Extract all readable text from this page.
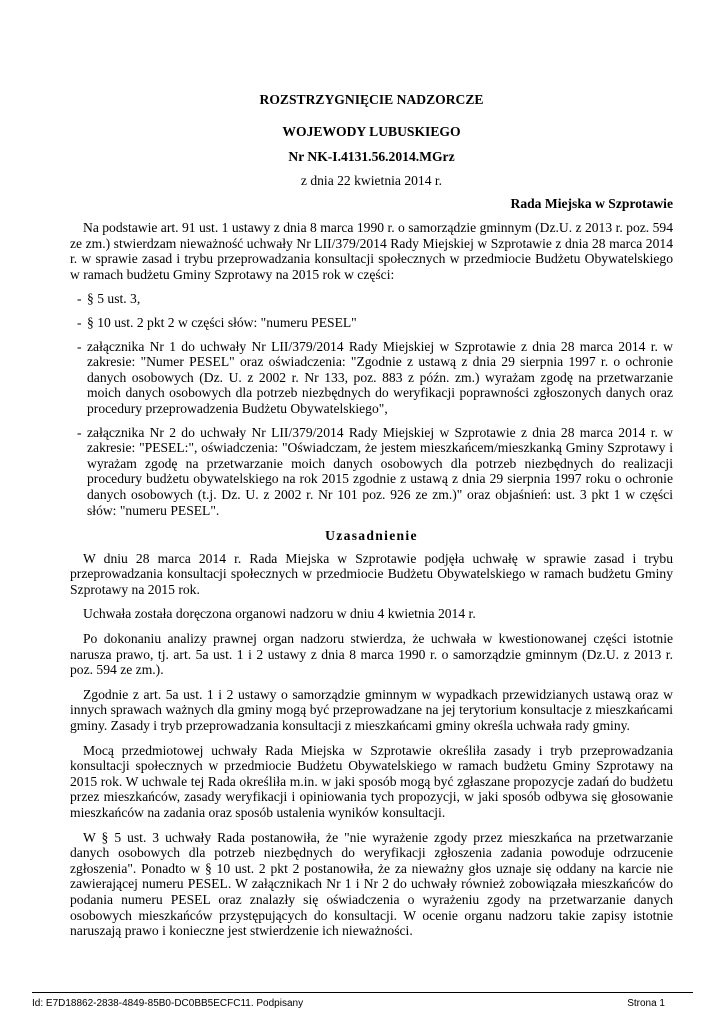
ROZSTRZYGNIĘCIE NADZORCZE
WOJEWODY LUBUSKIEGO
Nr NK-I.4131.56.2014.MGrz
z dnia 22 kwietnia 2014 r.
Rada Miejska w Szprotawie

Na podstawie art. 91 ust. 1 ustawy z dnia 8 marca 1990 r. o samorządzie gminnym (Dz.U. z 2013 r. poz. 594 ze zm.) stwierdzam nieważność uchwały Nr LII/379/2014 Rady Miejskiej w Szprotawie z dnia 28 marca 2014 r. w sprawie zasad i trybu przeprowadzania konsultacji społecznych w przedmiocie Budżetu Obywatelskiego w ramach budżetu Gminy Szprotawy na 2015 rok w części:

- § 5 ust. 3,
- § 10 ust. 2 pkt 2 w części słów: "numeru PESEL"
- załącznika Nr 1 do uchwały Nr LII/379/2014 Rady Miejskiej w Szprotawie z dnia 28 marca 2014 r. w zakresie: "Numer PESEL" oraz oświadczenia: "Zgodnie z ustawą z dnia 29 sierpnia 1997 r. o ochronie danych osobowych (Dz. U. z 2002 r. Nr 133, poz. 883 z późn. zm.) wyrażam zgodę na przetwarzanie moich danych osobowych dla potrzeb niezbędnych do weryfikacji poprawności zgłoszonych danych oraz procedury przeprowadzenia Budżetu Obywatelskiego",
- załącznika Nr 2 do uchwały Nr LII/379/2014 Rady Miejskiej w Szprotawie z dnia 28 marca 2014 r. w zakresie: "PESEL:", oświadczenia: "Oświadczam, że jestem mieszkańcem/mieszkanką Gminy Szprotawy i wyrażam zgodę na przetwarzanie moich danych osobowych dla potrzeb niezbędnych do realizacji procedury budżetu obywatelskiego na rok 2015 zgodnie z ustawą z dnia 29 sierpnia 1997 roku o ochronie danych osobowych (t.j. Dz. U. z 2002 r. Nr 101 poz. 926 ze zm.)" oraz objaśnień: ust. 3 pkt 1 w części słów: "numeru PESEL".
Uzasadnienie

W dniu 28 marca 2014 r. Rada Miejska w Szprotawie podjęła uchwałę w sprawie zasad i trybu przeprowadzania konsultacji społecznych w przedmiocie Budżetu Obywatelskiego w ramach budżetu Gminy Szprotawy na 2015 rok.

Uchwała została doręczona organowi nadzoru w dniu 4 kwietnia 2014 r.

Po dokonaniu analizy prawnej organ nadzoru stwierdza, że uchwała w kwestionowanej części istotnie narusza prawo, tj. art. 5a ust. 1 i 2 ustawy z dnia 8 marca 1990 r. o samorządzie gminnym (Dz.U. z 2013 r. poz. 594 ze zm.).

Zgodnie z art. 5a ust. 1 i 2 ustawy o samorządzie gminnym w wypadkach przewidzianych ustawą oraz w innych sprawach ważnych dla gminy mogą być przeprowadzane na jej terytorium konsultacje z mieszkańcami gminy. Zasady i tryb przeprowadzania konsultacji z mieszkańcami gminy określa uchwała rady gminy.

Mocą przedmiotowej uchwały Rada Miejska w Szprotawie określiła zasady i tryb przeprowadzania konsultacji społecznych w przedmiocie Budżetu Obywatelskiego w ramach budżetu Gminy Szprotawy na 2015 rok. W uchwale tej Rada określiła m.in. w jaki sposób mogą być zgłaszane propozycje zadań do budżetu przez mieszkańców, zasady weryfikacji i opiniowania tych propozycji, w jaki sposób odbywa się głosowanie mieszkańców na zadania oraz sposób ustalenia wyników konsultacji.

W § 5 ust. 3 uchwały Rada postanowiła, że "nie wyrażenie zgody przez mieszkańca na przetwarzanie danych osobowych dla potrzeb niezbędnych do weryfikacji zgłoszenia zadania powoduje odrzucenie zgłoszenia". Ponadto w § 10 ust. 2 pkt 2 postanowiła, że za nieważny głos uznaje się oddany na karcie nie zawierającej numeru PESEL. W załącznikach Nr 1 i Nr 2 do uchwały również zobowiązała mieszkańców do podania numeru PESEL oraz znalazły się oświadczenia o wyrażeniu zgody na przetwarzanie danych osobowych mieszkańców przystępujących do konsultacji. W ocenie organu nadzoru takie zapisy istotnie naruszają prawo i konieczne jest stwierdzenie ich nieważności.

Id: E7D18862-2838-4849-85B0-DC0BB5ECFC11. Podpisany	Strona 1
